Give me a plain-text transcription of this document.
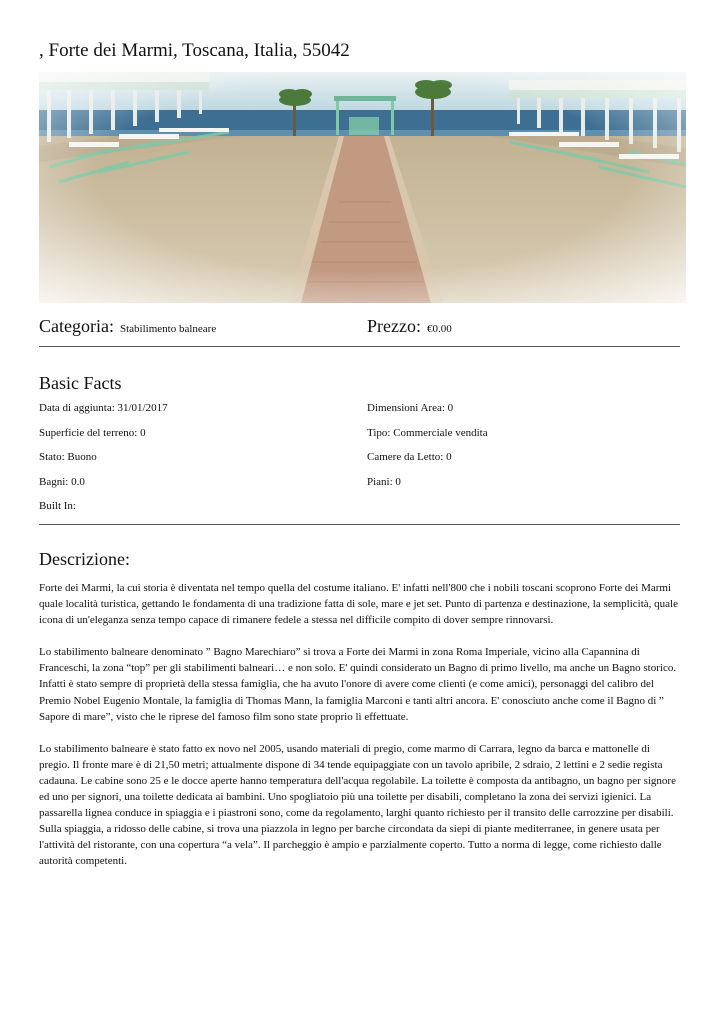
, Forte dei Marmi, Toscana, Italia, 55042
Categoria: Stabilimento balneare	Prezzo: €0.00
Basic Facts
Data di aggiunta: 31/01/2017
Superficie del terreno: 0
Stato: Buono
Bagni: 0.0
Built In:
Dimensioni Area: 0
Tipo: Commerciale vendita
Camere da Letto: 0
Piani: 0
Descrizione:

Forte dei Marmi, la cui storia è diventata nel tempo quella del costume italiano. E' infatti nell'800 che i nobili toscani scoprono Forte dei Marmi quale località turistica, gettando le fondamenta di una tradizione fatta di sole, mare e jet set. Punto di partenza e destinazione, la semplicità, quale icona di un'eleganza senza tempo capace di rimanere fedele a stessa nel difficile compito di dover sempre rinnovarsi.

Lo stabilimento balneare denominato ” Bagno Marechiaro” si trova a Forte dei Marmi in zona Roma Imperiale, vicino alla Capannina di Franceschi, la zona “top” per gli stabilimenti balneari… e non solo. E' quindi considerato un Bagno di primo livello, ma anche un Bagno storico. Infatti è stato sempre di proprietà della stessa famiglia, che ha avuto l'onore di avere come clienti (e come amici), personaggi del calibro del Premio Nobel Eugenio Montale, la famiglia di Thomas Mann, la famiglia Marconi e tanti altri ancora. E' conosciuto anche come il Bagno di ” Sapore di mare”, visto che le riprese del famoso film sono state proprio lì effettuate.

Lo stabilimento balneare è stato fatto ex novo nel 2005, usando materiali di pregio, come marmo di Carrara, legno da barca e mattonelle di pregio. Il fronte mare è di 21,50 metri; attualmente dispone di 34 tende equipaggiate con un tavolo apribile, 2 sdraio, 2 lettini e 2 sedie regista cadauna. Le cabine sono 25 e le docce aperte hanno temperatura dell'acqua regolabile. La toilette è composta da antibagno, un bagno per signore ed uno per signori, una toilette dedicata ai bambini. Uno spogliatoio più una toilette per disabili, completano la zona dei servizi igienici. La passarella lignea conduce in spiaggia e i piastroni sono, come da regolamento, larghi quanto richiesto per il transito delle carrozzine per disabili. Sulla spiaggia, a ridosso delle cabine, si trova una piazzola in legno per barche circondata da siepi di piante mediterranee, in genere usata per l'attività del ristorante, con una copertura “a vela”. Il parcheggio è ampio e parzialmente coperto. Tutto a norma di legge, come richiesto dalle autorità competenti.
